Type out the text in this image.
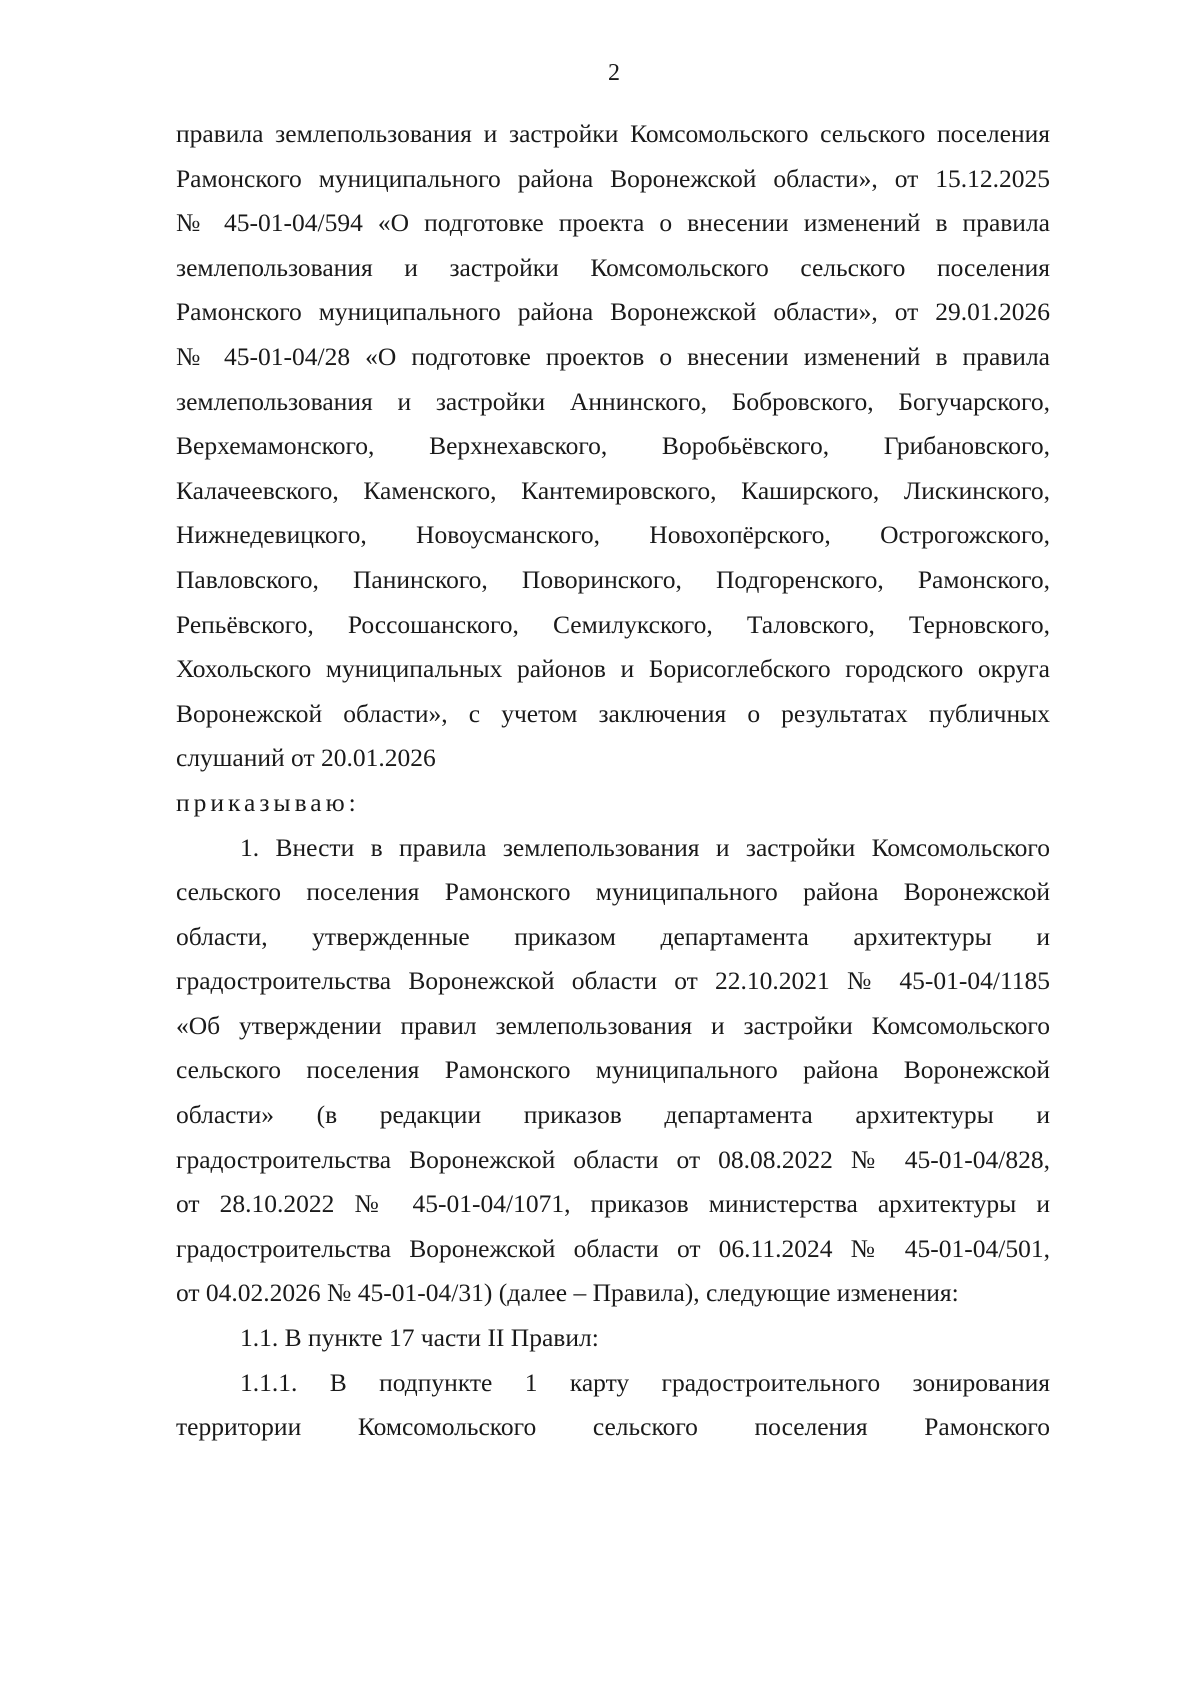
2
правила землепользования и застройки Комсомольского сельского поселения
Рамонского муниципального района Воронежской области», от 15.12.2025
№ 45-01-04/594 «О подготовке проекта о внесении изменений в правила
землепользования и застройки Комсомольского сельского поселения
Рамонского муниципального района Воронежской области», от 29.01.2026
№ 45-01-04/28 «О подготовке проектов о внесении изменений в правила
землепользования и застройки Аннинского, Бобровского, Богучарского,
Верхемамонского, Верхнехавского, Воробьёвского, Грибановского,
Калачеевского, Каменского, Кантемировского, Каширского, Лискинского,
Нижнедевицкого, Новоусманского, Новохопёрского, Острогожского,
Павловского, Панинского, Поворинского, Подгоренского, Рамонского,
Репьёвского, Россошанского, Семилукского, Таловского, Терновского,
Хохольского муниципальных районов и Борисоглебского городского округа
Воронежской области», с учетом заключения о результатах публичных
слушаний от 20.01.2026
приказываю:
1. Внести в правила землепользования и застройки Комсомольского
сельского поселения Рамонского муниципального района Воронежской
области, утвержденные приказом департамента архитектуры и
градостроительства Воронежской области от 22.10.2021 № 45-01-04/1185
«Об утверждении правил землепользования и застройки Комсомольского
сельского поселения Рамонского муниципального района Воронежской
области» (в редакции приказов департамента архитектуры и
градостроительства Воронежской области от 08.08.2022 № 45-01-04/828,
от 28.10.2022 № 45-01-04/1071, приказов министерства архитектуры и
градостроительства Воронежской области от 06.11.2024 № 45-01-04/501,
от 04.02.2026 № 45-01-04/31) (далее – Правила), следующие изменения:
1.1. В пункте 17 части II Правил:
1.1.1. В подпункте 1 карту градостроительного зонирования
территории Комсомольского сельского поселения Рамонского
